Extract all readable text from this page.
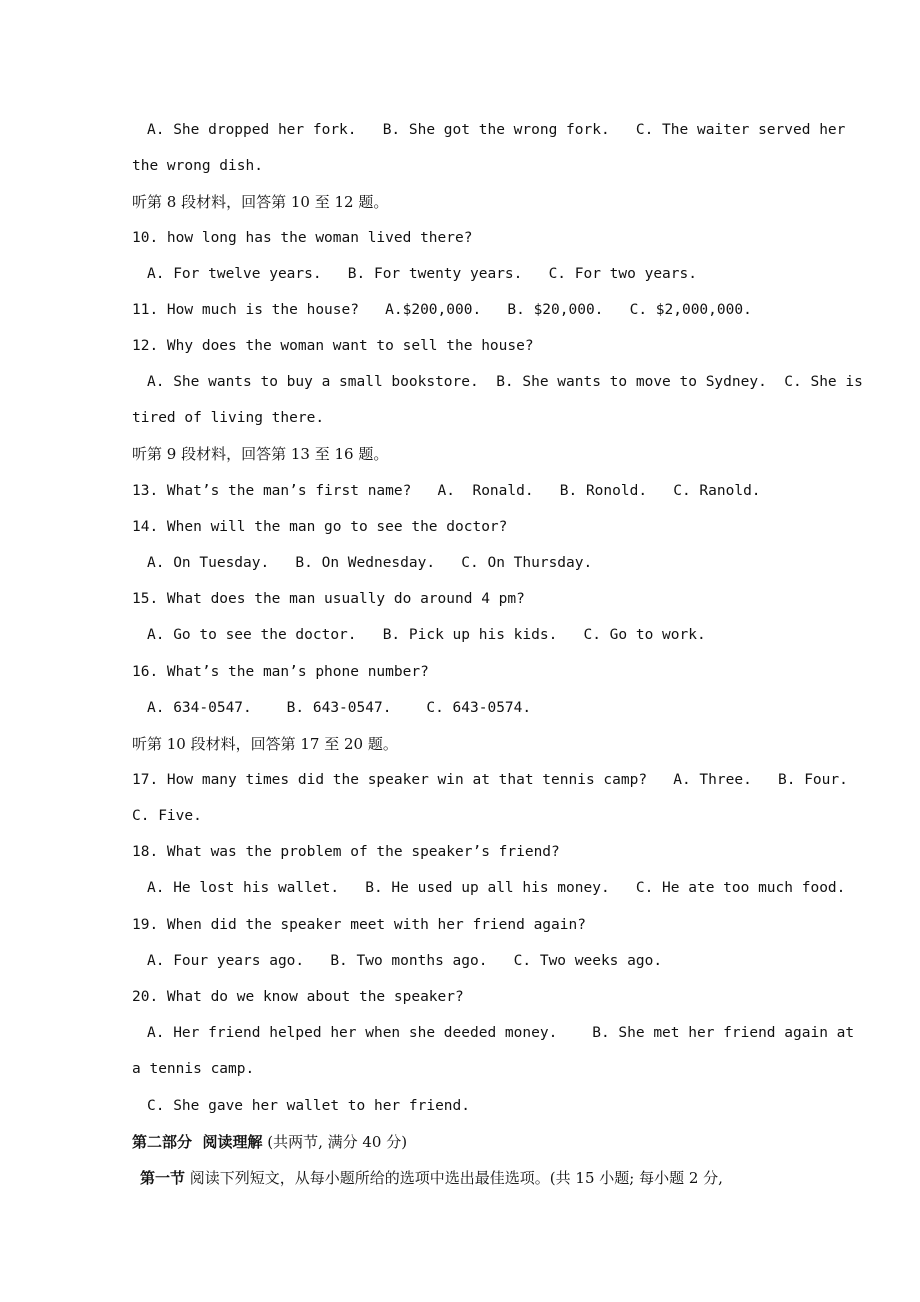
A. She dropped her fork.   B. She got the wrong fork.   C. The waiter served her
the wrong dish.
听第 8 段材料，回答第 10 至 12 题。
10. how long has the woman lived there?
A. For twelve years.   B. For twenty years.   C. For two years.
11. How much is the house?   A.$200,000.   B. $20,000.   C. $2,000,000.
12. Why does the woman want to sell the house?
A. She wants to buy a small bookstore.  B. She wants to move to Sydney.  C. She is
tired of living there.
听第 9 段材料，回答第 13 至 16 题。
13. What’s the man’s first name?   A.  Ronald.   B. Ronold.   C. Ranold.
14. When will the man go to see the doctor?
A. On Tuesday.   B. On Wednesday.   C. On Thursday.
15. What does the man usually do around 4 pm?
A. Go to see the doctor.   B. Pick up his kids.   C. Go to work.
16. What’s the man’s phone number?
A. 634-0547.    B. 643-0547.    C. 643-0574.
听第 10 段材料，回答第 17 至 20 题。
17. How many times did the speaker win at that tennis camp?   A. Three.   B. Four.
C. Five.
18. What was the problem of the speaker’s friend?
A. He lost his wallet.   B. He used up all his money.   C. He ate too much food.
19. When did the speaker meet with her friend again?
A. Four years ago.   B. Two months ago.   C. Two weeks ago.
20. What do we know about the speaker?
A. Her friend helped her when she deeded money.    B. She met her friend again at
a tennis camp.
C. She gave her wallet to her friend.
第二部分  阅读理解 (共两节, 满分 40 分)
第一节 阅读下列短文，从每小题所给的选项中选出最佳选项。(共 15 小题; 每小题 2 分,
